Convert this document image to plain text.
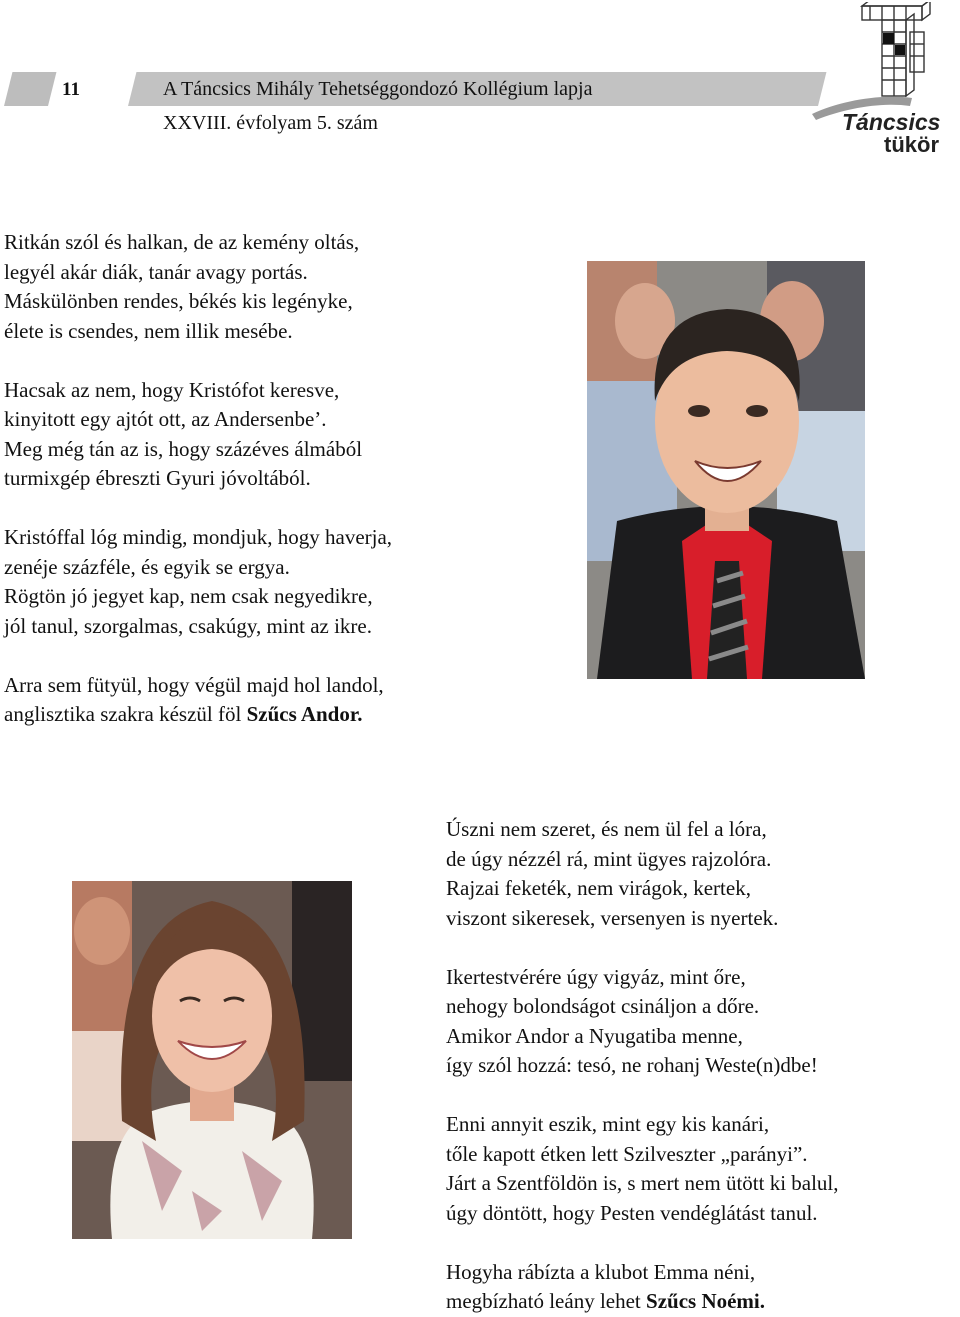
11	A Táncsics Mihály Tehetséggondozó Kollégium lapja
XXVIII. évfolyam 5. szám	Táncsics
tükör

Ritkán szól és halkan, de az kemény oltás,

legyél akár diák, tanár avagy portás.

Máskülönben rendes, békés kis legényke,

élete is csendes, nem illik mesébe.

Hacsak az nem, hogy Kristófot keresve,

kinyitott egy ajtót ott, az Andersenbe’.

Meg még tán az is, hogy százéves álmából

turmixgép ébreszti Gyuri jóvoltából.

Kristóffal lóg mindig, mondjuk, hogy haverja,

zenéje százféle, és egyik se ergya.

Rögtön jó jegyet kap, nem csak negyedikre,

jól tanul, szorgalmas, csakúgy, mint az ikre.

Arra sem fütyül, hogy végül majd hol landol,

anglisztika szakra készül föl Szűcs Andor.

Úszni nem szeret, és nem ül fel a lóra,

de úgy nézzél rá, mint ügyes rajzolóra.

Rajzai feketék, nem virágok, kertek,

viszont sikeresek, versenyen is nyertek.

Ikertestvérére úgy vigyáz, mint őre,

nehogy bolondságot csináljon a dőre.

Amikor Andor a Nyugatiba menne,

így szól hozzá: tesó, ne rohanj Weste(n)dbe!

Enni annyit eszik, mint egy kis kanári,

tőle kapott étken lett Szilveszter „parányi”.

Járt a Szentföldön is, s mert nem ütött ki balul,

úgy döntött, hogy Pesten vendéglátást tanul.

Hogyha rábízta a klubot Emma néni,

megbízható leány lehet Szűcs Noémi.
